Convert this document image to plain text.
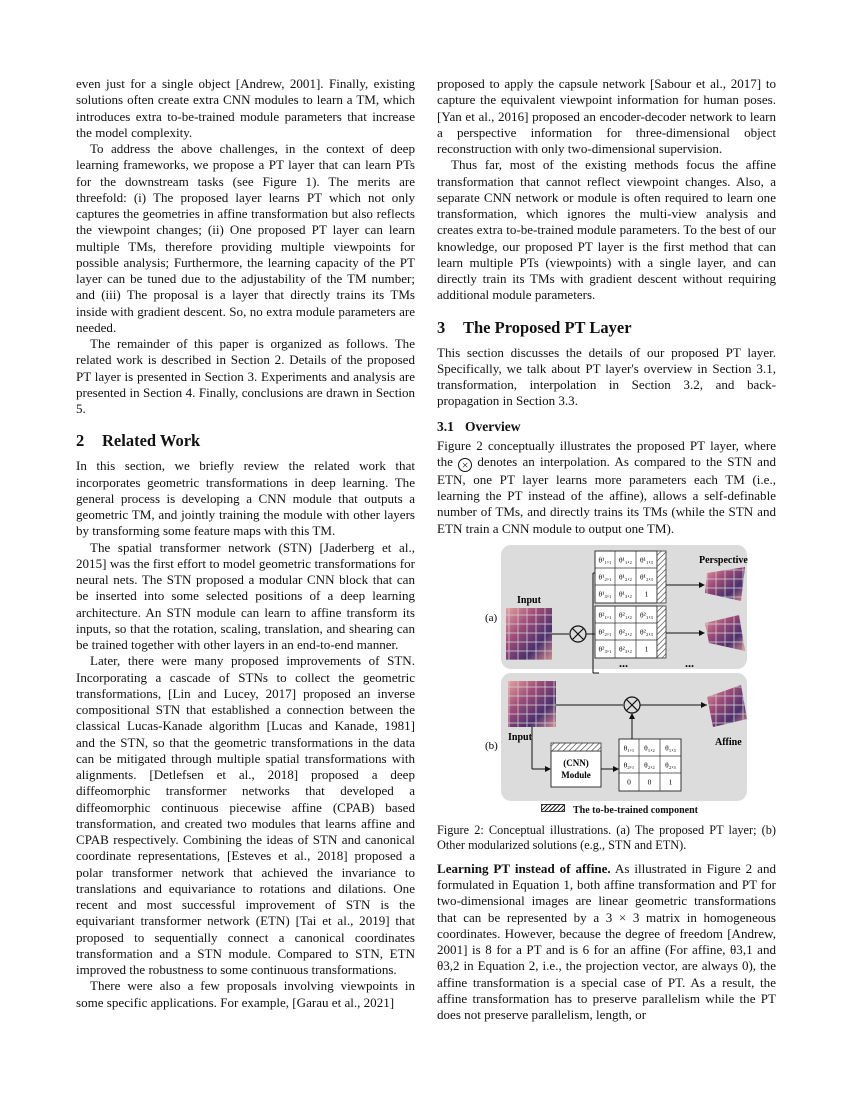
even just for a single object [Andrew, 2001]. Finally, existing solutions often create extra CNN modules to learn a TM, which introduces extra to-be-trained module parameters that increase the model complexity.

To address the above challenges, in the context of deep learning frameworks, we propose a PT layer that can learn PTs for the downstream tasks (see Figure 1). The merits are threefold: (i) The proposed layer learns PT which not only captures the geometries in affine transformation but also reflects the viewpoint changes; (ii) One proposed PT layer can learn multiple TMs, therefore providing multiple viewpoints for possible analysis; Furthermore, the learning capacity of the PT layer can be tuned due to the adjustability of the TM number; and (iii) The proposal is a layer that directly trains its TMs inside with gradient descent. So, no extra module parameters are needed.

The remainder of this paper is organized as follows. The related work is described in Section 2. Details of the proposed PT layer is presented in Section 3. Experiments and analysis are presented in Section 4. Finally, conclusions are drawn in Section 5.

2 Related Work

In this section, we briefly review the related work that incorporates geometric transformations in deep learning. The general process is developing a CNN module that outputs a geometric TM, and jointly training the module with other layers by transforming some feature maps with this TM.

The spatial transformer network (STN) [Jaderberg et al., 2015] was the first effort to model geometric transformations for neural nets. The STN proposed a modular CNN block that can be inserted into some selected positions of a deep learning architecture. An STN module can learn to affine transform its inputs, so that the rotation, scaling, translation, and shearing can be trained together with other layers in an end-to-end manner.

Later, there were many proposed improvements of STN. Incorporating a cascade of STNs to collect the geometric transformations, [Lin and Lucey, 2017] proposed an inverse compositional STN that established a connection between the classical Lucas-Kanade algorithm [Lucas and Kanade, 1981] and the STN, so that the geometric transformations in the data can be mitigated through multiple spatial transformations with alignments. [Detlefsen et al., 2018] proposed a deep diffeomorphic transformer networks that developed a diffeomorphic continuous piecewise affine (CPAB) based transformation, and created two modules that learns affine and CPAB respectively. Combining the ideas of STN and canonical coordinate representations, [Esteves et al., 2018] proposed a polar transformer network that achieved the invariance to translations and equivariance to rotations and dilations. One recent and most successful improvement of STN is the equivariant transformer network (ETN) [Tai et al., 2019] that proposed to sequentially connect a canonical coordinates transformation and a STN module. Compared to STN, ETN improved the robustness to some continuous transformations.

There were also a few proposals involving viewpoints in some specific applications. For example, [Garau et al., 2021]

proposed to apply the capsule network [Sabour et al., 2017] to capture the equivalent viewpoint information for human poses. [Yan et al., 2016] proposed an encoder-decoder network to learn a perspective information for three-dimensional object reconstruction with only two-dimensional supervision.

Thus far, most of the existing methods focus the affine transformation that cannot reflect viewpoint changes. Also, a separate CNN network or module is often required to learn one transformation, which ignores the multi-view analysis and creates extra to-be-trained module parameters. To the best of our knowledge, our proposed PT layer is the first method that can learn multiple PTs (viewpoints) with a single layer, and can directly train its TMs with gradient descent without requiring additional module parameters.

3 The Proposed PT Layer

This section discusses the details of our proposed PT layer. Specifically, we talk about PT layer's overview in Section 3.1, transformation, interpolation in Section 3.2, and back-propagation in Section 3.3.

3.1 Overview

Figure 2 conceptually illustrates the proposed PT layer, where the × denotes an interpolation. As compared to the STN and ETN, one PT layer learns more parameters each TM (i.e., learning the PT instead of the affine), allows a self-definable number of TMs, and directly trains its TMs (while the STN and ETN train a CNN module to output one TM).

(a)
(b)
Input
θ¹₁,₁ θ¹₁,₂ θ¹₁,₃
θ¹₂,₁ θ¹₂,₂ θ¹₂,₃
θ¹₃,₁ θ¹₃,₂ 1
θ²₁,₁ θ²₁,₂ θ²₁,₃
θ²₂,₁ θ²₂,₂ θ²₂,₃
θ²₃,₁ θ²₃,₂ 1
...	...
Perspective
Input	Affine
(CNN)
Module
θ₁,₁ θ₁,₂ θ₁,₃
θ₂,₁ θ₂,₂ θ₂,₃
0 0 1
The to-be-trained component

Figure 2: Conceptual illustrations. (a) The proposed PT layer; (b) Other modularized solutions (e.g., STN and ETN).

Learning PT instead of affine. As illustrated in Figure 2 and formulated in Equation 1, both affine transformation and PT for two-dimensional images are linear geometric transformations that can be represented by a 3 × 3 matrix in homogeneous coordinates. However, because the degree of freedom [Andrew, 2001] is 8 for a PT and is 6 for an affine (For affine, θ3,1 and θ3,2 in Equation 2, i.e., the projection vector, are always 0), the affine transformation is a special case of PT. As a result, the affine transformation has to preserve parallelism while the PT does not preserve parallelism, length, or
